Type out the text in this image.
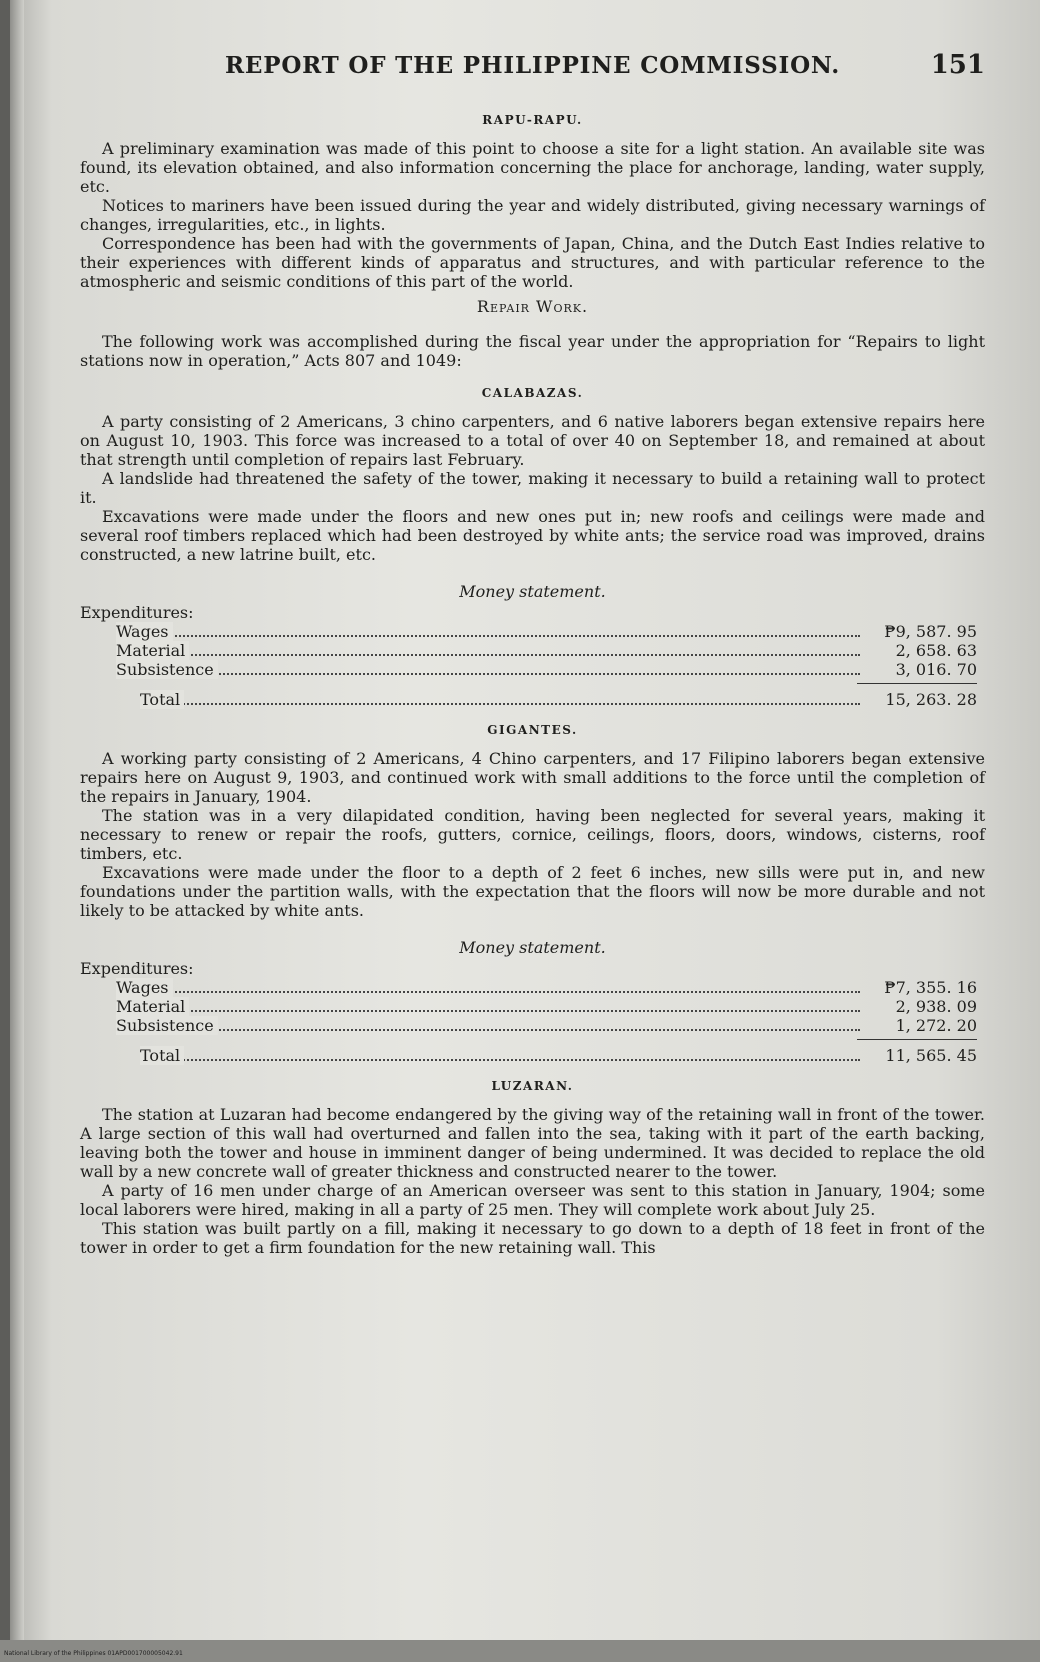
REPORT OF THE PHILIPPINE COMMISSION.	151
RAPU-RAPU.

A preliminary examination was made of this point to choose a site for a light station. An available site was found, its elevation obtained, and also information concerning the place for anchorage, landing, water supply, etc.

Notices to mariners have been issued during the year and widely distributed, giving necessary warnings of changes, irregularities, etc., in lights.

Correspondence has been had with the governments of Japan, China, and the Dutch East Indies relative to their experiences with different kinds of apparatus and structures, and with particular reference to the atmospheric and seismic conditions of this part of the world.

Repair Work.

The following work was accomplished during the fiscal year under the appropriation for “Repairs to light stations now in operation,” Acts 807 and 1049:

CALABAZAS.

A party consisting of 2 Americans, 3 chino carpenters, and 6 native laborers began extensive repairs here on August 10, 1903. This force was increased to a total of over 40 on September 18, and remained at about that strength until completion of repairs last February.

A landslide had threatened the safety of the tower, making it necessary to build a retaining wall to protect it.

Excavations were made under the floors and new ones put in; new roofs and ceilings were made and several roof timbers replaced which had been destroyed by white ants; the service road was improved, drains constructed, a new latrine built, etc.

Money statement.
Expenditures:
Wages	₱9, 587. 95
Material	2, 658. 63
Subsistence	3, 016. 70
Total	15, 263. 28
GIGANTES.

A working party consisting of 2 Americans, 4 Chino carpenters, and 17 Filipino laborers began extensive repairs here on August 9, 1903, and continued work with small additions to the force until the completion of the repairs in January, 1904.

The station was in a very dilapidated condition, having been neglected for several years, making it necessary to renew or repair the roofs, gutters, cornice, ceilings, floors, doors, windows, cisterns, roof timbers, etc.

Excavations were made under the floor to a depth of 2 feet 6 inches, new sills were put in, and new foundations under the partition walls, with the expectation that the floors will now be more durable and not likely to be attacked by white ants.

Money statement.
Expenditures:
Wages	₱7, 355. 16
Material	2, 938. 09
Subsistence	1, 272. 20
Total	11, 565. 45
LUZARAN.

The station at Luzaran had become endangered by the giving way of the retaining wall in front of the tower. A large section of this wall had overturned and fallen into the sea, taking with it part of the earth backing, leaving both the tower and house in imminent danger of being undermined. It was decided to replace the old wall by a new concrete wall of greater thickness and constructed nearer to the tower.

A party of 16 men under charge of an American overseer was sent to this station in January, 1904; some local laborers were hired, making in all a party of 25 men. They will complete work about July 25.

This station was built partly on a fill, making it necessary to go down to a depth of 18 feet in front of the tower in order to get a firm foundation for the new retaining wall. This

National Library of the Philippines 01APD001700005042.91
